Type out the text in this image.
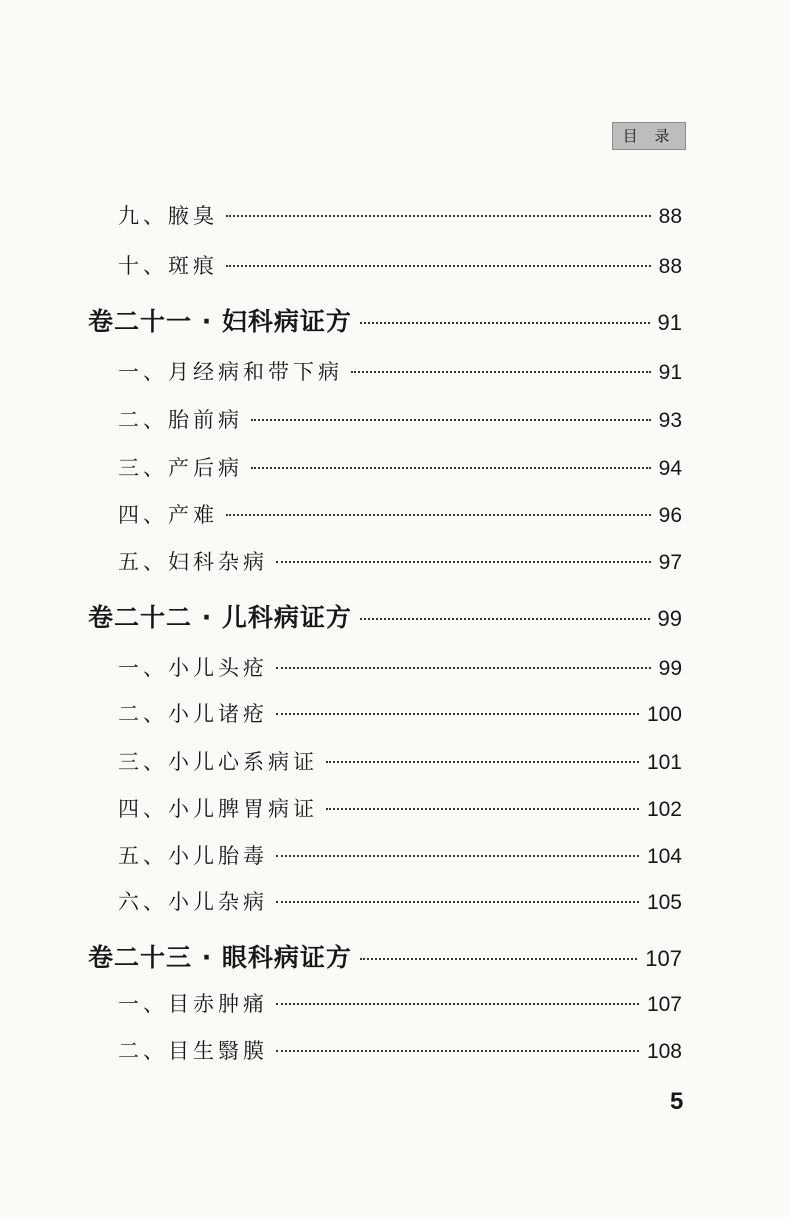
目 录
九、腋臭	88
十、斑痕	88
卷二十一 · 妇科病证方	91
一、月经病和带下病	91
二、胎前病	93
三、产后病	94
四、产难	96
五、妇科杂病	97
卷二十二 · 儿科病证方	99
一、小儿头疮	99
二、小儿诸疮	100
三、小儿心系病证	101
四、小儿脾胃病证	102
五、小儿胎毒	104
六、小儿杂病	105
卷二十三 · 眼科病证方	107
一、目赤肿痛	107
二、目生翳膜	108
5
